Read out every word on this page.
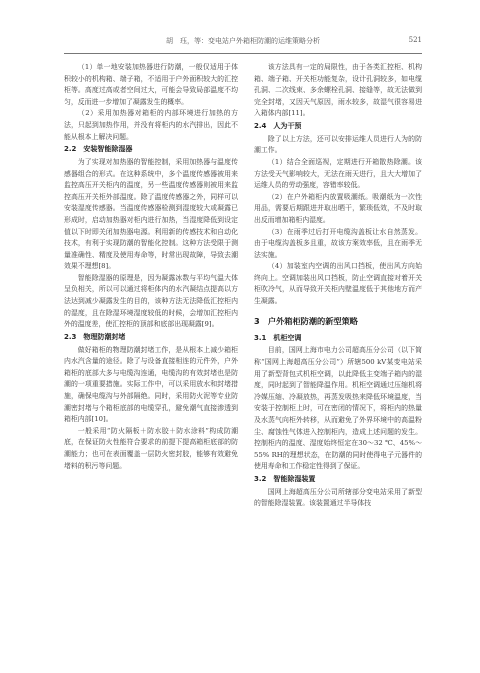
胡　珏，等：变电站户外箱柜防潮的运维策略分析	521

（1）单一地安装加热器进行防潮，一般仅适用于体积较小的机构箱、端子箱，不适用于户外面积较大的汇控柜等。高度过高或者空间过大，可能会导致局部温度不均匀，反而进一步增加了凝露发生的概率。

（2）采用加热器对箱柜的内部环境进行加热的方法，只起到加热作用，并没有将柜内的水汽排出，因此不能从根本上解决问题。

2.2　安装智能除湿器

为了实现对加热器的智能控制，采用加热器与温度传感器组合的形式。在这种系统中，多个温度传感器被用来监控高压开关柜内的温度，另一些温度传感器则被用来监控高压开关柜外部温度。除了温度传感器之外，同样可以安装湿度传感器。当温度传感器检测到湿度较大或凝露已形成时，启动加热器对柜内进行加热，当湿度降低到设定值以下时即关闭加热器电源。利用新的传感技术和自动化技术，有利于实现防潮的智能化控制。这种方法受限于测量准确性、精度及使用寿命等，时常出现故障，导致去潮效果不理想[8]。

智能除湿器的原理是，因为凝露冰数与平均气温大体呈负相关，所以可以通过将柜体内的水汽凝结点提高以方法达到减少凝露发生的目的，该种方法无法降低汇控柜内的湿度，且在除湿环境湿度较低的时候，会增加汇控柜内外的温度差，使汇控柜的顶部和底部出现凝露[9]。

2.3　物理防潮封堵

做好箱柜的物理防潮封堵工作，是从根本上减少箱柜内水汽含量的途径。除了与设备直接相连的元件外，户外箱柜的底部大多与电缆沟连通，电缆沟的有效封堵也是防潮的一项重要措施。实际工作中，可以采用放水和封堵措施，确保电缆沟与外部隔绝。同时，采用防火泥等专业防潮密封堵与个箱柜底部的电缆穿孔，避免潮气直接渗透到箱柜内部[10]。

一般采用“防火隔板＋防水胶＋防水涂料”构成防潮底，在保证防火性能符合要求的前提下提高箱柜底部的防潮能力；也可在表面覆盖一层防火密封胶，能够有效避免堵料的积污等问题。

该方法具有一定的局限性，由于各类汇控柜、机构箱、端子箱、开关柜功能复杂，设计孔洞较多，如电缆孔洞、二次线束、多余螺栓孔洞、接缝等，故无法做到完全封堵，又因天气原因，雨水较多，故湿气很容易进入箱体内部[11]。

2.4　人为干预

除了以上方法，还可以安排运维人员进行人为的防潮工作。

（1）结合全面巡视，定期进行开箱散热除潮。该方法受天气影响较大，无法在雨天进行，且大大增加了运维人员的劳动强度，容错率较低。

（2）在户外箱柜内放置吸潮纸。吸潮纸为一次性用品，需要后期跟进并取出晒干，繁琐低效，不及时取出反而增加箱柜内湿度。

（3）在雨季过后打开电缆沟盖板让水自然蒸发。由于电缆沟盖板多且重，故该方案效率低，且在雨季无法实施。

（4）加装室内空调的出风口挡板，使出风方向始终向上。空调加装出风口挡板，防止空调直接对着开关柜吹冷气，从而导致开关柜内壁温度低于其他地方而产生凝露。

3　户外箱柜防潮的新型策略
3.1　机柜空调

目前，国网上海市电力公司超高压分公司（以下简称“国网上海超高压分公司”）所辖500 kV某变电站采用了新型背包式机柜空调，以此降低主变端子箱内的湿度，同时起到了智能降温作用。机柜空调通过压缩机将冷媒压缩、冷凝放热，再蒸发吸热来降低环境温度，当安装于控制柜上时，可在密闭的情况下，将柜内的热量及水蒸气向柜外转移，从而避免了外界环境中的高温粉尘、腐蚀性气体进入控制柜内，造成上述问题的发生。控制柜内的温度、湿度始终恒定在30～32 ℃、45%～55% RH的理想状态，在防潮的同时使得电子元器件的使用寿命和工作稳定性得到了保证。

3.2　智能除湿装置

国网上海超高压分公司所辖部分变电站采用了新型的智能除湿装置。该装置通过半导体技
